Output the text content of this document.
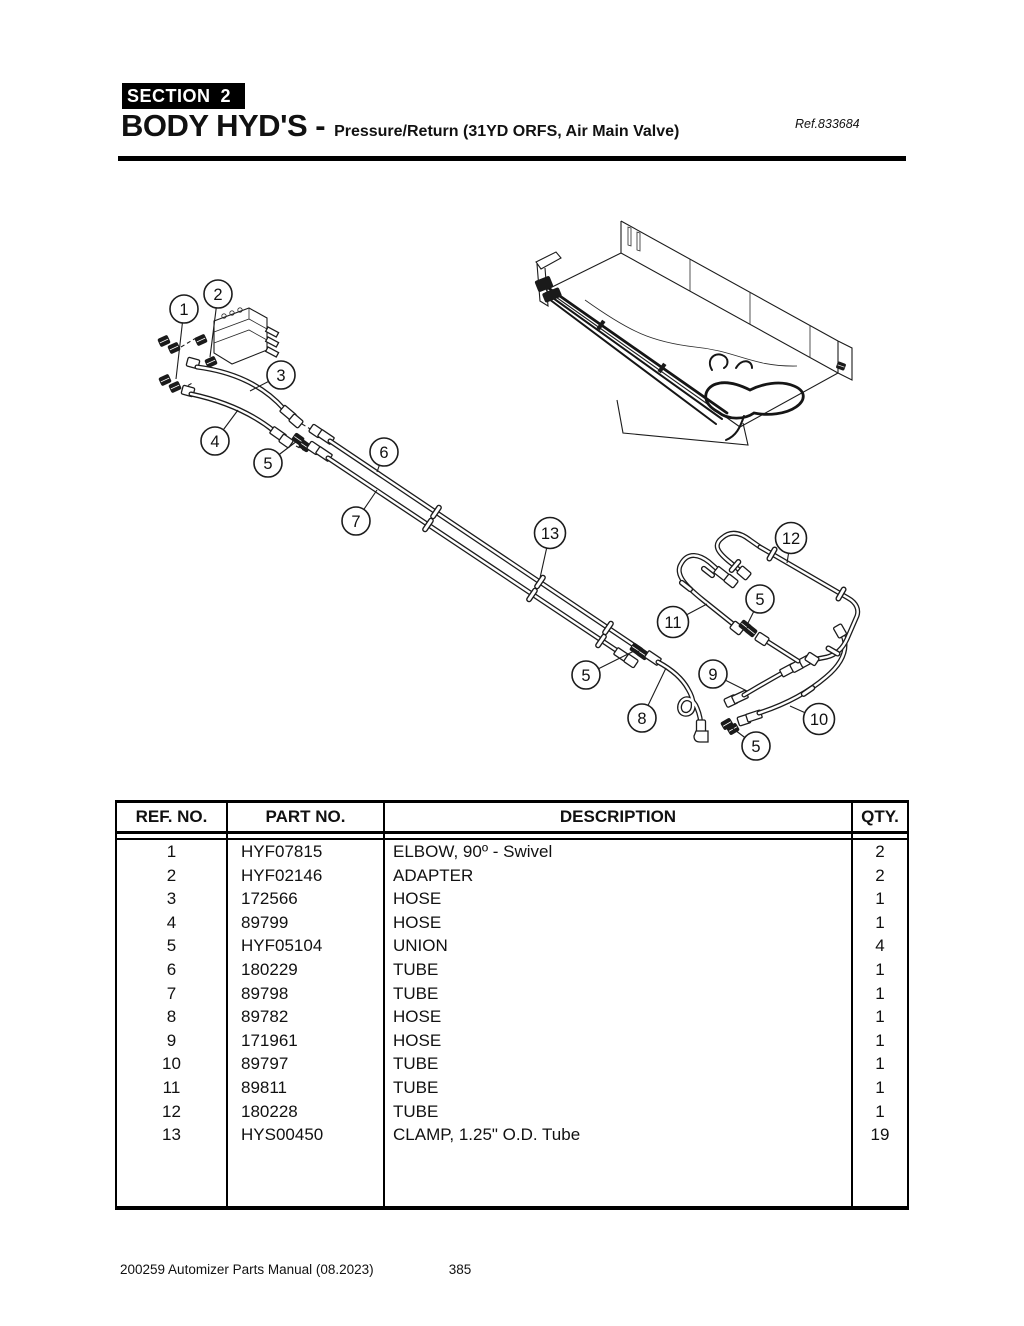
SECTION 2
BODY HYD'S - Pressure/Return (31YD ORFS, Air Main Valve)	Ref.833684
1
2
3
4
5
6
7
13	12
11
5
5
8
9
10
5
REF. NO.	PART NO.	DESCRIPTION	QTY.
1	HYF07815	ELBOW, 90º - Swivel	2
2	HYF02146	ADAPTER	2
3	172566	HOSE	1
4	89799	HOSE	1
5	HYF05104	UNION	4
6	180229	TUBE	1
7	89798	TUBE	1
8	89782	HOSE	1
9	171961	HOSE	1
10	89797	TUBE	1
11	89811	TUBE	1
12	180228	TUBE	1
13	HYS00450	CLAMP, 1.25" O.D. Tube	19
200259 Automizer Parts Manual (08.2023)	385
